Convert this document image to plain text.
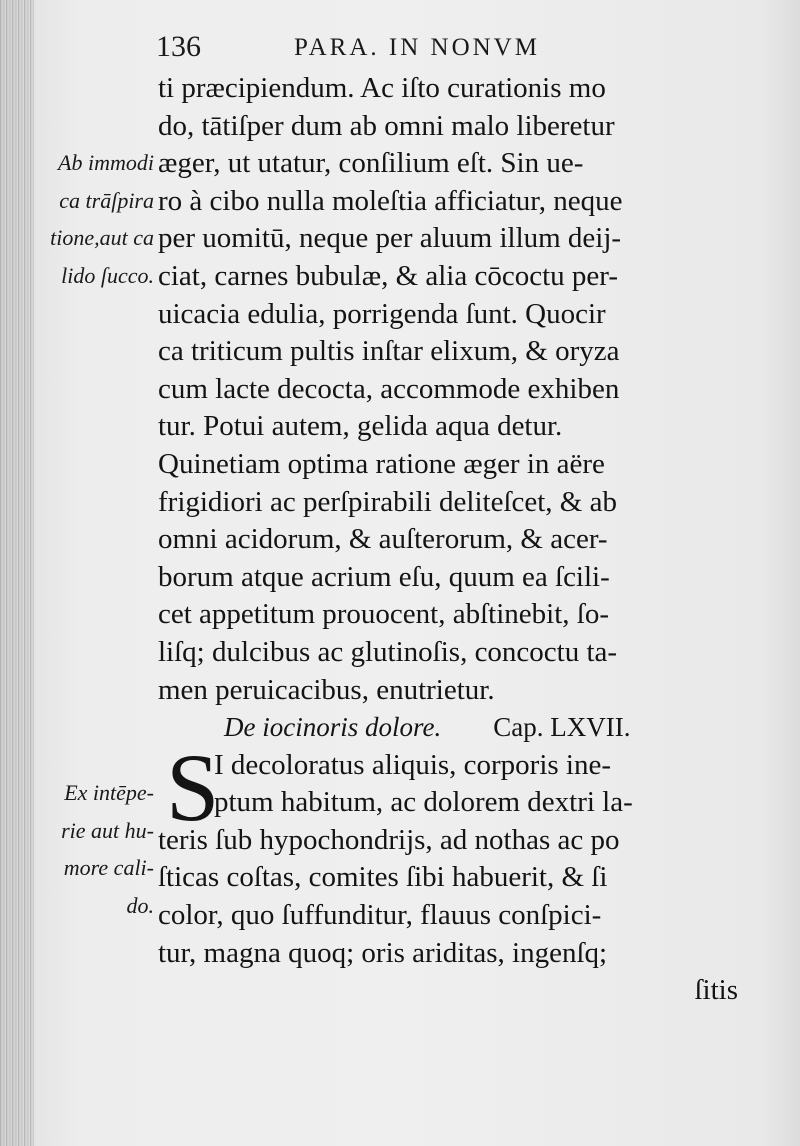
136	PARA. IN NONVM
Ab immodi
ca trāſpira
tione,aut ca
lido ſucco.
Ex intēpe-
rie aut hu-
more cali-
do.
ti præcipiendum. Ac iſto curationis mo
do, tātiſper dum ab omni malo liberetur
æger, ut utatur, conſilium eſt. Sin ue-
ro à cibo nulla moleſtia afficiatur, neque
per uomitū, neque per aluum illum deij-
ciat, carnes bubulæ, & alia cōcoctu per-
uicacia edulia, porrigenda ſunt. Quocir
ca triticum pultis inſtar elixum, & oryza
cum lacte decocta, accommode exhiben
tur. Potui autem, gelida aqua detur.
Quinetiam optima ratione æger in aëre
frigidiori ac perſpirabili deliteſcet, & ab
omni acidorum, & auſterorum, & acer-
borum atque acrium eſu, quum ea ſcili-
cet appetitum prouocent, abſtinebit, ſo-
liſq; dulcibus ac glutinoſis, concoctu ta-
men peruicacibus, enutrietur.
De iocinoris dolore. Cap. LXVII.
S
I decoloratus aliquis, corporis ine-
ptum habitum, ac dolorem dextri la-
teris ſub hypochondrijs, ad nothas ac po
ſticas coſtas, comites ſibi habuerit, & ſi
color, quo ſuffunditur, flauus conſpici-
tur, magna quoq; oris ariditas, ingenſq;
ſitis
